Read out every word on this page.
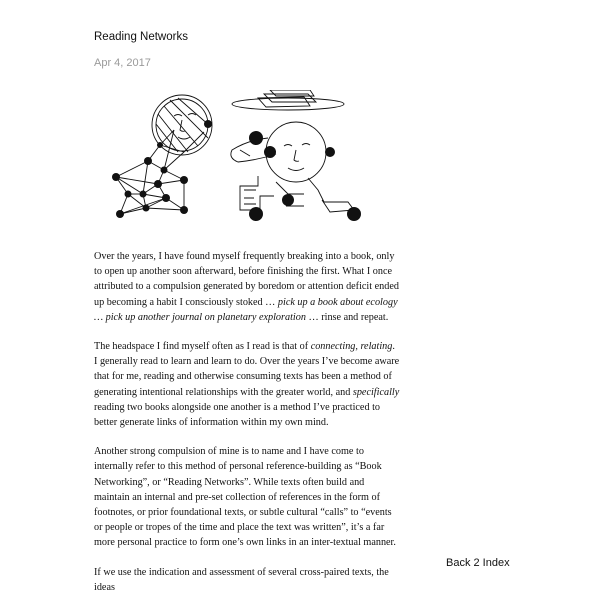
Reading Networks
Apr 4, 2017

Over the years, I have found myself frequently breaking into a book, only to open up another soon afterward, before finishing the first. What I once attributed to a compulsion generated by boredom or attention deficit ended up becoming a habit I consciously stoked … pick up a book about ecology … pick up another journal on planetary exploration … rinse and repeat.

The headspace I find myself often as I read is that of connecting, relating. I generally read to learn and learn to do. Over the years I’ve become aware that for me, reading and otherwise consuming texts has been a method of generating intentional relationships with the greater world, and specifically reading two books alongside one another is a method I’ve practiced to better generate links of information within my own mind.

Another strong compulsion of mine is to name and I have come to internally refer to this method of personal reference-building as “Book Networking”, or “Reading Networks”. While texts often build and maintain an internal and pre-set collection of references in the form of footnotes, or prior foundational texts, or subtle cultural “calls” to “events or people or tropes of the time and place the text was written”, it’s a far more personal practice to form one’s own links in an inter-textual manner.

If we use the indication and assessment of several cross-paired texts, the ideas

Back 2 Index
